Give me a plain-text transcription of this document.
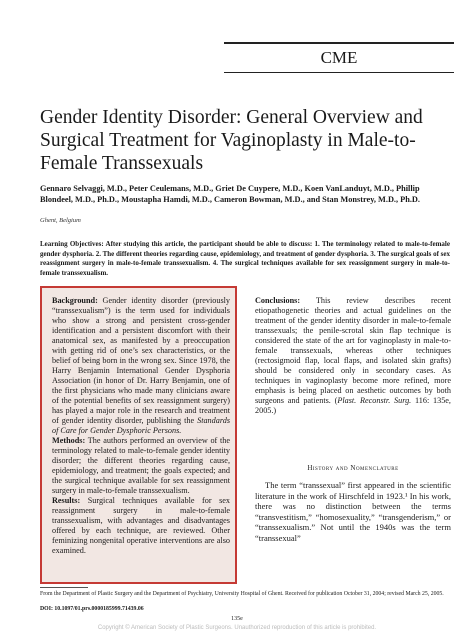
CME
Gender Identity Disorder: General Overview and Surgical Treatment for Vaginoplasty in Male-to-Female Transsexuals
Gennaro Selvaggi, M.D., Peter Ceulemans, M.D., Griet De Cuypere, M.D., Koen VanLanduyt, M.D., Phillip Blondeel, M.D., Ph.D., Moustapha Hamdi, M.D., Cameron Bowman, M.D., and Stan Monstrey, M.D., Ph.D.
Ghent, Belgium
Learning Objectives: After studying this article, the participant should be able to discuss: 1. The terminology related to male-to-female gender dysphoria. 2. The different theories regarding cause, epidemiology, and treatment of gender dysphoria. 3. The surgical goals of sex reassignment surgery in male-to-female transsexualism. 4. The surgical techniques available for sex reassignment surgery in male-to-female transsexualism.

Background: Gender identity disorder (previously “transsexualism”) is the term used for individuals who show a strong and persistent cross-gender identification and a persistent discomfort with their anatomical sex, as manifested by a preoccupation with getting rid of one’s sex characteristics, or the belief of being born in the wrong sex. Since 1978, the Harry Benjamin International Gender Dysphoria Association (in honor of Dr. Harry Benjamin, one of the first physicians who made many clinicians aware of the potential benefits of sex reassignment surgery) has played a major role in the research and treatment of gender identity disorder, publishing the Standards of Care for Gender Dysphoric Persons.

Methods: The authors performed an overview of the terminology related to male-to-female gender identity disorder; the different theories regarding cause, epidemiology, and treatment; the goals expected; and the surgical technique available for sex reassignment surgery in male-to-female transsexualism.

Results: Surgical techniques available for sex reassignment surgery in male-to-female transsexualism, with advantages and disadvantages offered by each technique, are reviewed. Other feminizing nongenital operative interventions are also examined.

Conclusions: This review describes recent etiopathogenetic theories and actual guidelines on the treatment of the gender identity disorder in male-to-female transsexuals; the penile-scrotal skin flap technique is considered the state of the art for vaginoplasty in male-to-female transsexuals, whereas other techniques (rectosigmoid flap, local flaps, and isolated skin grafts) should be considered only in secondary cases. As techniques in vaginoplasty become more refined, more emphasis is being placed on aesthetic outcomes by both surgeons and patients. (Plast. Reconstr. Surg. 116: 135e, 2005.)

History and Nomenclature

The term “transsexual” first appeared in the scientific literature in the work of Hirschfeld in 1923.¹ In his work, there was no distinction between the terms “transvestitism,” “homosexuality,” “transgenderism,” or “transsexualism.” Not until the 1940s was the term “transsexual”

From the Department of Plastic Surgery and the Department of Psychiatry, University Hospital of Ghent. Received for publication October 31, 2004; revised March 25, 2005.
DOI: 10.1097/01.prs.0000185999.71439.06
135e
Copyright © American Society of Plastic Surgeons. Unauthorized reproduction of this article is prohibited.
